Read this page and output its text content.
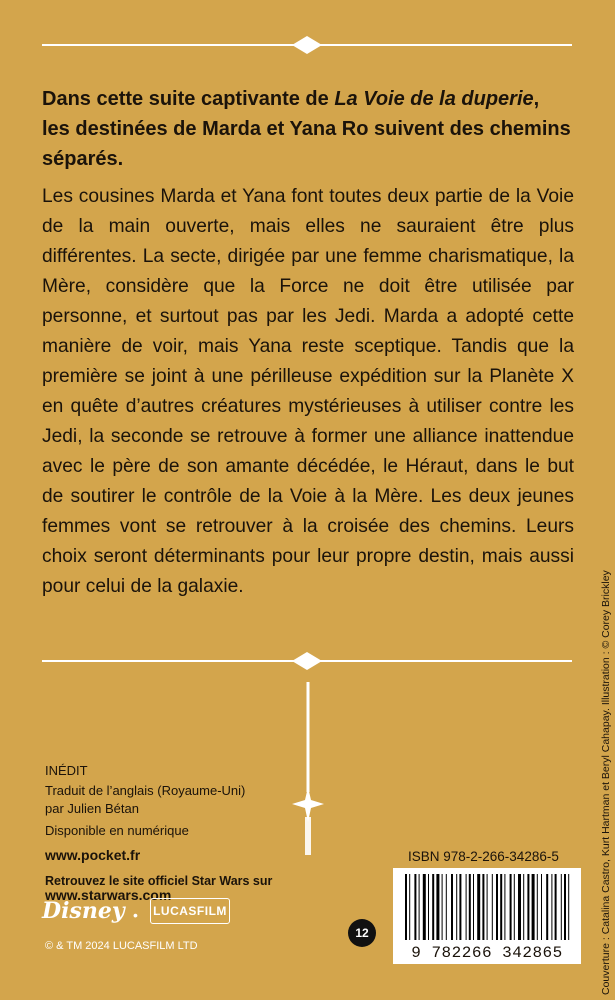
Dans cette suite captivante de La Voie de la duperie, les destinées de Marda et Yana Ro suivent des chemins séparés.

Les cousines Marda et Yana font toutes deux partie de la Voie de la main ouverte, mais elles ne sauraient être plus différentes. La secte, dirigée par une femme charismatique, la Mère, considère que la Force ne doit être utilisée par personne, et surtout pas par les Jedi. Marda a adopté cette manière de voir, mais Yana reste sceptique. Tandis que la première se joint à une périlleuse expédition sur la Planète X en quête d’autres créatures mystérieuses à utiliser contre les Jedi, la seconde se retrouve à former une alliance inattendue avec le père de son amante décédée, le Héraut, dans le but de soutirer le contrôle de la Voie à la Mère. Les deux jeunes femmes vont se retrouver à la croisée des chemins. Leurs choix seront déterminants pour leur propre destin, mais aussi pour celui de la galaxie.

INÉDIT
Traduit de l’anglais (Royaume-Uni)
par Julien Bétan
Disponible en numérique
www.pocket.fr
Retrouvez le site officiel Star Wars sur
www.starwars.com
Disney • LUCASFILM
© & TM 2024 LUCASFILM LTD
12
ISBN 978-2-266-34286-5
9 782266 342865	Couverture : Catalina Castro, Kurt Hartman et Beryl Cahapay. Illustration : © Corey Brickley
